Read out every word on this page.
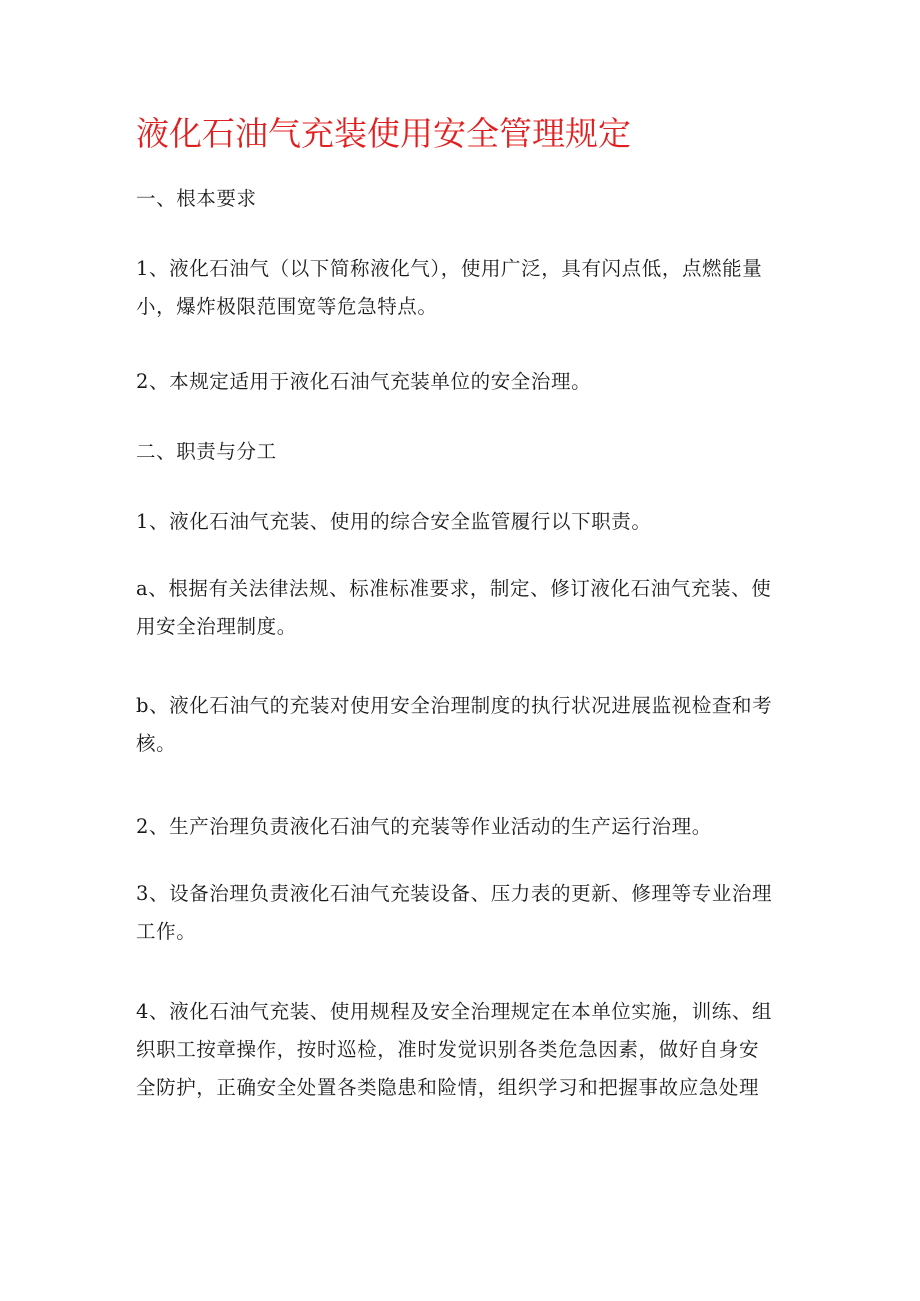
液化石油气充装使用安全管理规定

一、根本要求

1、液化石油气（以下简称液化气），使用广泛，具有闪点低，点燃能量
小，爆炸极限范围宽等危急特点。

2、本规定适用于液化石油气充装单位的安全治理。

二、职责与分工

1、液化石油气充装、使用的综合安全监管履行以下职责。

a、根据有关法律法规、标准标准要求，制定、修订液化石油气充装、使
用安全治理制度。

b、液化石油气的充装对使用安全治理制度的执行状况进展监视检查和考
核。

2、生产治理负责液化石油气的充装等作业活动的生产运行治理。

3、设备治理负责液化石油气充装设备、压力表的更新、修理等专业治理
工作。

4、液化石油气充装、使用规程及安全治理规定在本单位实施，训练、组
织职工按章操作，按时巡检，准时发觉识别各类危急因素，做好自身安
全防护，正确安全处置各类隐患和险情，组织学习和把握事故应急处理
